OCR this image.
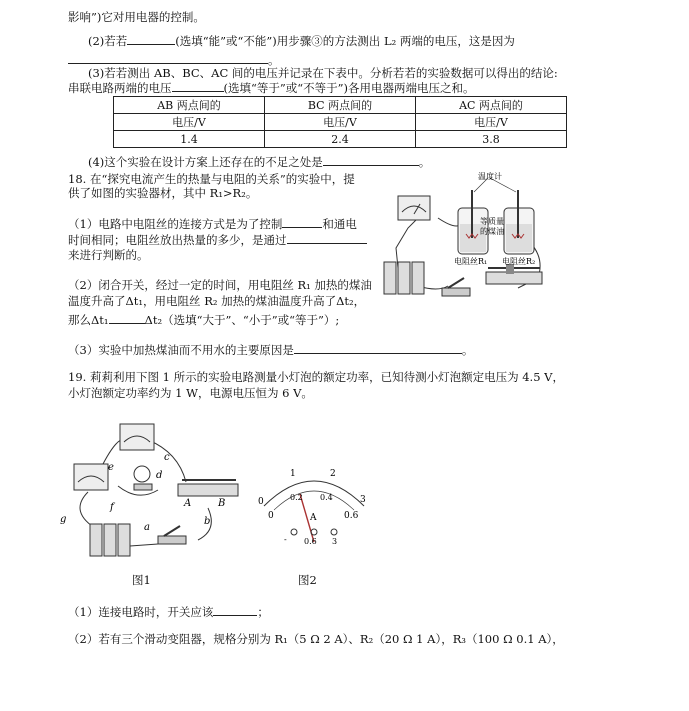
影响”)它对用电器的控制。
(2)若若	(选填“能”或“不能”)用步骤③的方法测出 L₂ 两端的电压，这是因为
。
(3)若若测出 AB、BC、AC 间的电压并记录在下表中。分析若若的实验数据可以得出的结论:
串联电路两端的电压	(选填“等于”或“不等于”)各用电器两端电压之和。
AB 两点间的	BC 两点间的	AC 两点间的
电压/V	电压/V	电压/V
1.4	2.4	3.8
(4)这个实验在设计方案上还存在的不足之处是	。
18. 在“探究电流产生的热量与电阻的关系”的实验中，提
供了如图的实验器材，其中 R₁>R₂。
（1）电路中电阻丝的连接方式是为了控制	和通电
时间相同；电阻丝放出热量的多少，是通过
来进行判断的。
（2）闭合开关，经过一定的时间，用电阻丝 R₁ 加热的煤油
温度升高了Δt₁，用电阻丝 R₂ 加热的煤油温度升高了Δt₂，
那么Δt₁	Δt₂（选填“大于”、“小于”或“等于”）;
（3）实验中加热煤油而不用水的主要原因是	。
19. 莉莉利用下图 1 所示的实验电路测量小灯泡的额定功率，已知待测小灯泡额定电压为 4.5 V，
小灯泡额定功率约为 1 W，电源电压恒为 6 V。
温度计
等质量
的煤油
电阻丝R₁ 电阻丝R₂
e
c
d
f	A	B
g
a
b
图1
1	2
0.2 0.4
0	3
0	0.6
A
- 0.6 3
图2
（1）连接电路时，开关应该	；
（2）若有三个滑动变阻器，规格分别为 R₁（5 Ω 2 A）、R₂（20 Ω 1 A），R₃（100 Ω 0.1 A），
